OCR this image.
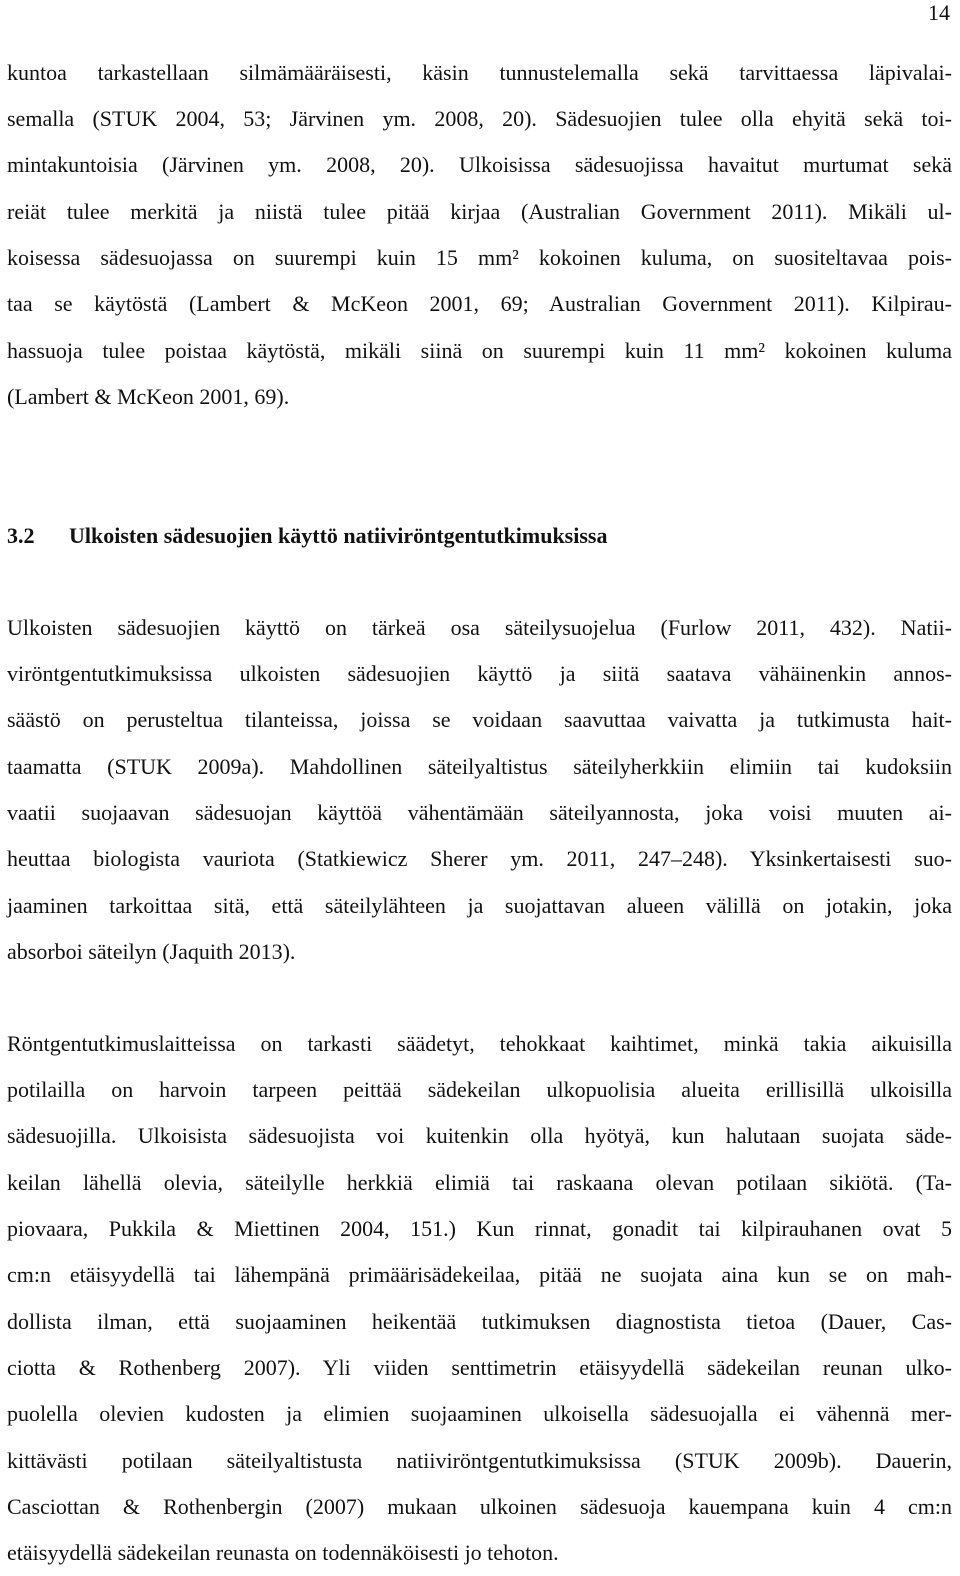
14
kuntoa tarkastellaan silmämääräisesti, käsin tunnustelemalla sekä tarvittaessa läpivalai-
semalla (STUK 2004, 53; Järvinen ym. 2008, 20). Sädesuojien tulee olla ehyitä sekä toi-
mintakuntoisia (Järvinen ym. 2008, 20). Ulkoisissa sädesuojissa havaitut murtumat sekä
reiät tulee merkitä ja niistä tulee pitää kirjaa (Australian Government 2011). Mikäli ul-
koisessa sädesuojassa on suurempi kuin 15 mm² kokoinen kuluma, on suositeltavaa pois-
taa se käytöstä (Lambert & McKeon 2001, 69; Australian Government 2011). Kilpirau-
hassuoja tulee poistaa käytöstä, mikäli siinä on suurempi kuin 11 mm² kokoinen kuluma
(Lambert & McKeon 2001, 69).
3.2 Ulkoisten sädesuojien käyttö natiiviröntgentutkimuksissa
Ulkoisten sädesuojien käyttö on tärkeä osa säteilysuojelua (Furlow 2011, 432). Natii-
viröntgentutkimuksissa ulkoisten sädesuojien käyttö ja siitä saatava vähäinenkin annos-
säästö on perusteltua tilanteissa, joissa se voidaan saavuttaa vaivatta ja tutkimusta hait-
taamatta (STUK 2009a). Mahdollinen säteilyaltistus säteilyherkkiin elimiin tai kudoksiin
vaatii suojaavan sädesuojan käyttöä vähentämään säteilyannosta, joka voisi muuten ai-
heuttaa biologista vauriota (Statkiewicz Sherer ym. 2011, 247–248). Yksinkertaisesti suo-
jaaminen tarkoittaa sitä, että säteilylähteen ja suojattavan alueen välillä on jotakin, joka
absorboi säteilyn (Jaquith 2013).
Röntgentutkimuslaitteissa on tarkasti säädetyt, tehokkaat kaihtimet, minkä takia aikuisilla
potilailla on harvoin tarpeen peittää sädekeilan ulkopuolisia alueita erillisillä ulkoisilla
sädesuojilla. Ulkoisista sädesuojista voi kuitenkin olla hyötyä, kun halutaan suojata säde-
keilan lähellä olevia, säteilylle herkkiä elimiä tai raskaana olevan potilaan sikiötä. (Ta-
piovaara, Pukkila & Miettinen 2004, 151.) Kun rinnat, gonadit tai kilpirauhanen ovat 5
cm:n etäisyydellä tai lähempänä primäärisädekeilaa, pitää ne suojata aina kun se on mah-
dollista ilman, että suojaaminen heikentää tutkimuksen diagnostista tietoa (Dauer, Cas-
ciotta & Rothenberg 2007). Yli viiden senttimetrin etäisyydellä sädekeilan reunan ulko-
puolella olevien kudosten ja elimien suojaaminen ulkoisella sädesuojalla ei vähennä mer-
kittävästi potilaan säteilyaltistusta natiiviröntgentutkimuksissa (STUK 2009b). Dauerin,
Casciottan & Rothenbergin (2007) mukaan ulkoinen sädesuoja kauempana kuin 4 cm:n
etäisyydellä sädekeilan reunasta on todennäköisesti jo tehoton.
